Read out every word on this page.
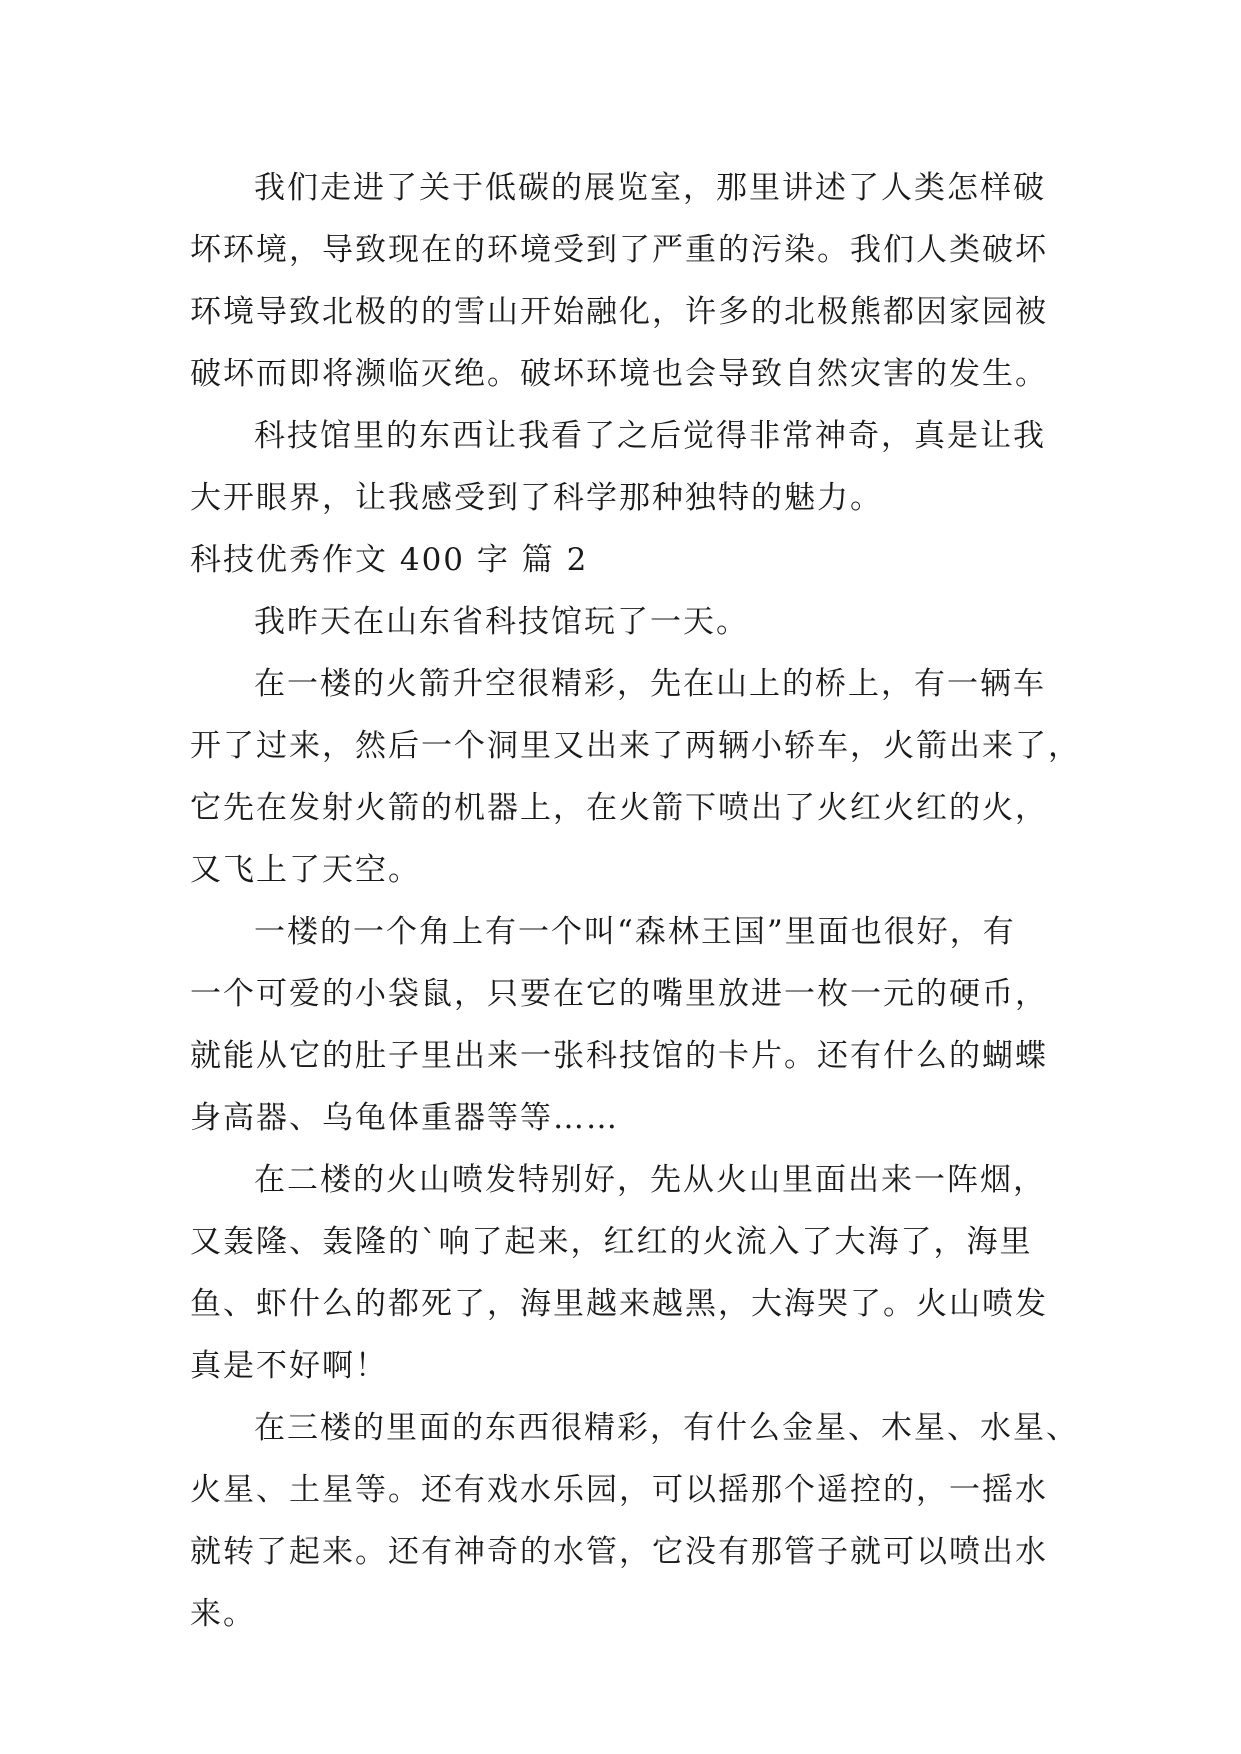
我们走进了关于低碳的展览室，那里讲述了人类怎样破
坏环境，导致现在的环境受到了严重的污染。我们人类破坏
环境导致北极的的雪山开始融化，许多的北极熊都因家园被
破坏而即将濒临灭绝。破坏环境也会导致自然灾害的发生。
科技馆里的东西让我看了之后觉得非常神奇，真是让我
大开眼界，让我感受到了科学那种独特的魅力。
科技优秀作文 400 字 篇 2
我昨天在山东省科技馆玩了一天。
在一楼的火箭升空很精彩，先在山上的桥上，有一辆车
开了过来，然后一个洞里又出来了两辆小轿车，火箭出来了，
它先在发射火箭的机器上，在火箭下喷出了火红火红的火，
又飞上了天空。
一楼的一个角上有一个叫“森林王国”里面也很好，有
一个可爱的小袋鼠，只要在它的嘴里放进一枚一元的硬币，
就能从它的肚子里出来一张科技馆的卡片。还有什么的蝴蝶
身高器、乌龟体重器等等……
在二楼的火山喷发特别好，先从火山里面出来一阵烟，
又轰隆、轰隆的`响了起来，红红的火流入了大海了，海里
鱼、虾什么的都死了，海里越来越黑，大海哭了。火山喷发
真是不好啊！
在三楼的里面的东西很精彩，有什么金星、木星、水星、
火星、土星等。还有戏水乐园，可以摇那个遥控的，一摇水
就转了起来。还有神奇的水管，它没有那管子就可以喷出水
来。
